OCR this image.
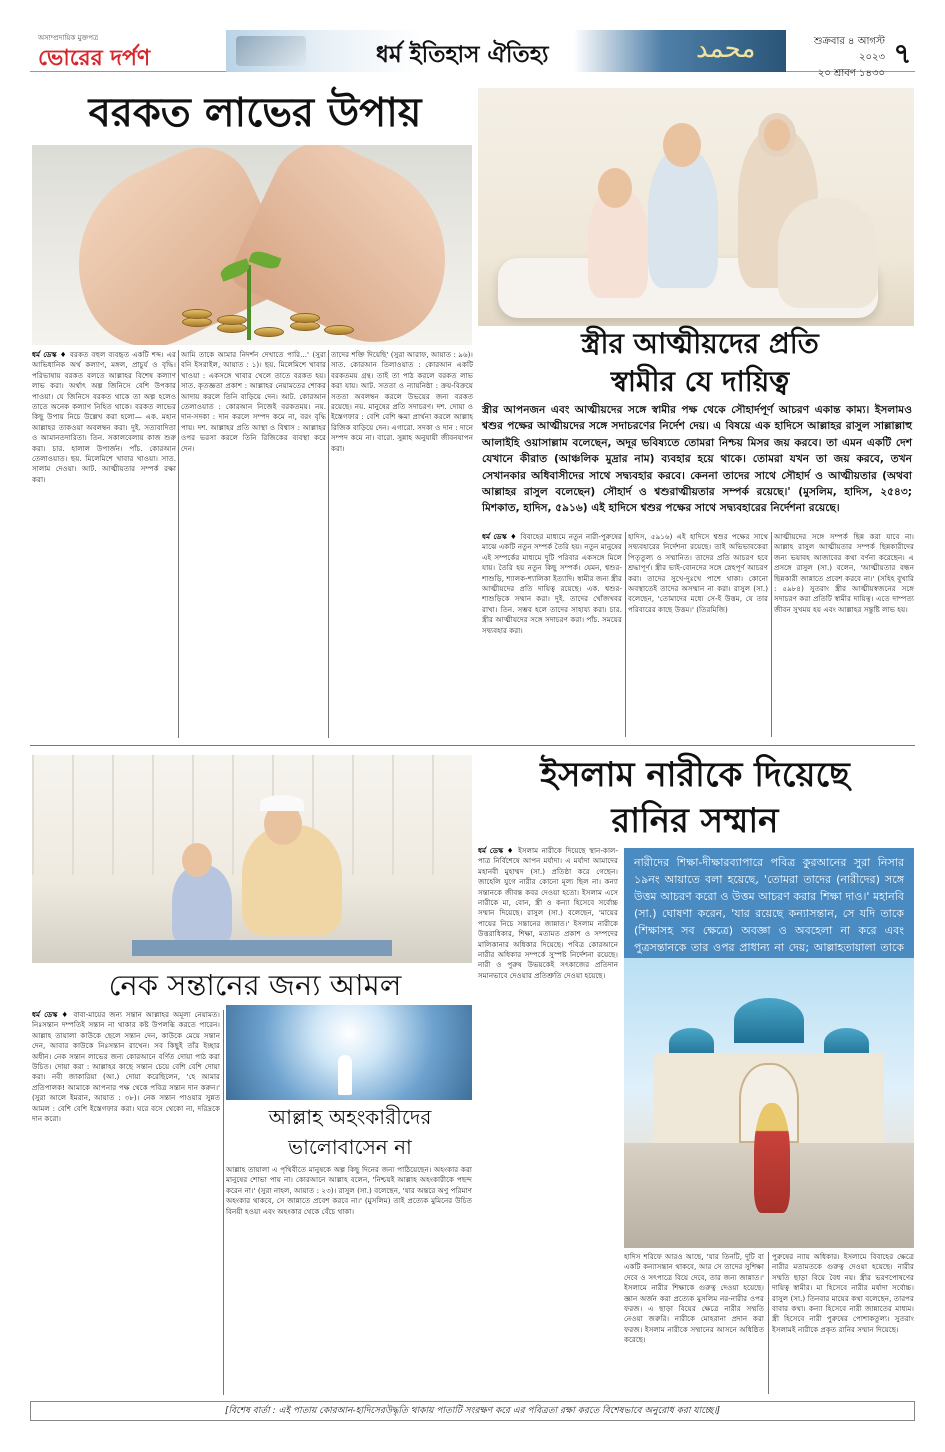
অসাম্প্রদায়িক মুক্তপত্র
ভোরের দর্পণ	ধর্ম ইতিহাস ঐতিহ্য	محمد	শুক্রবার ৪ আগস্ট ২০২৩
২০ শ্রাবণ ১৪৩০
৭
বরকত লাভের উপায়
ধর্ম ডেস্ক ♦ বরকত বহুল ব্যবহৃত একটি শব্দ। এর আভিধানিক অর্থ কল্যাণ, মঙ্গল, প্রাচুর্য ও বৃদ্ধি। পরিভাষায় বরকত বলতে আল্লাহর বিশেষ কল্যাণ লাভ করা। অর্থাৎ অল্প জিনিসে বেশি উপকার পাওয়া। যে জিনিসে বরকত থাকে তা অল্প হলেও তাতে অনেক কল্যাণ নিহিত থাকে। বরকত লাভের কিছু উপায় নিচে উল্লেখ করা হলো— এক. মহান আল্লাহর তাকওয়া অবলম্বন করা। দুই. সত্যবাদিতা ও আমানতদারিতা। তিন. সকালবেলায় কাজ শুরু করা। চার. হালাল উপার্জন। পাঁচ. কোরআন তেলাওয়াত। ছয়. মিলেমিশে খাবার খাওয়া। সাত. সালাম দেওয়া। আট. আত্মীয়তার সম্পর্ক রক্ষা করা।
আমি তাকে আমার নিদর্শন দেখাতে পারি...' (সুরা বনি ইসরাইল, আয়াত : ১)। ছয়. মিলেমিশে খাবার খাওয়া : একসঙ্গে খাবার খেলে তাতে বরকত হয়। সাত. কৃতজ্ঞতা প্রকাশ : আল্লাহর নেয়ামতের শোকর আদায় করলে তিনি বাড়িয়ে দেন। আট. কোরআন তেলাওয়াত : কোরআন নিজেই বরকতময়। নয়. দান-সদকা : দান করলে সম্পদ কমে না, বরং বৃদ্ধি পায়। দশ. আল্লাহর প্রতি আস্থা ও বিশ্বাস : আল্লাহর ওপর ভরসা করলে তিনি রিজিকের ব্যবস্থা করে দেন।
তাদের শক্তি দিয়েছি' (সুরা আরাফ, আয়াত : ৯৬)। সাত. কোরআন তিলাওয়াত : কোরআন একটি বরকতময় গ্রন্থ। তাই তা পাঠ করলে বরকত লাভ করা যায়। আট. সততা ও ন্যায়নিষ্ঠা : ক্রয়-বিক্রয়ে সততা অবলম্বন করলে উভয়ের জন্য বরকত রয়েছে। নয়. মানুষের প্রতি সদাচরণ। দশ. দোয়া ও ইস্তেগফার : বেশি বেশি ক্ষমা প্রার্থনা করলে আল্লাহ রিজিক বাড়িয়ে দেন। এগারো. সদকা ও দান : দানে সম্পদ কমে না। বারো. সুন্নাহ অনুযায়ী জীবনযাপন করা।
স্ত্রীর আত্মীয়দের প্রতি
স্বামীর যে দায়িত্ব
স্ত্রীর আপনজন এবং আত্মীয়দের সঙ্গে স্বামীর পক্ষ থেকে সৌহার্দপূর্ণ আচরণ একান্ত কাম্য। ইসলামও শ্বশুর পক্ষের আত্মীয়দের সঙ্গে সদাচরণের নির্দেশ দেয়। এ বিষয়ে এক হাদিসে আল্লাহর রাসুল সাল্লাল্লাহু আলাইহি ওয়াসাল্লাম বলেছেন, অদূর ভবিষ্যতে তোমরা নিশ্চয় মিসর জয় করবে। তা এমন একটি দেশ যেখানে কীরাত (আঞ্চলিক মুদ্রার নাম) ব্যবহার হয়ে থাকে। তোমরা যখন তা জয় করবে, তখন সেখানকার অধিবাসীদের সাথে সদ্ব্যবহার করবে। কেননা তাদের সাথে সৌহার্দ ও আত্মীয়তার (অথবা আল্লাহর রাসুল বলেছেন) সৌহার্দ ও শ্বশুরাত্মীয়তার সম্পর্ক রয়েছে।' (মুসলিম, হাদিস, ২৫৪৩; মিশকাত, হাদিস, ৫৯১৬) এই হাদিসে শ্বশুর পক্ষের সাথে সদ্ব্যবহারের নির্দেশনা রয়েছে।
ধর্ম ডেস্ক ♦ বিবাহের মাধ্যমে নতুন নারী-পুরুষের মাঝে একটি নতুন সম্পর্ক তৈরি হয়। নতুন মানুষের এই সম্পর্কের মাধ্যমে দুটি পরিবার একসঙ্গে মিলে যায়। তৈরি হয় নতুন কিছু সম্পর্ক। যেমন, শ্বশুর-শাশুড়ি, শ্যালক-শ্যালিকা ইত্যাদি। স্বামীর জন্য স্ত্রীর আত্মীয়দের প্রতি দায়িত্ব রয়েছে। এক. শ্বশুর-শাশুড়িকে সম্মান করা। দুই. তাদের খোঁজখবর রাখা। তিন. সম্ভব হলে তাদের সাহায্য করা। চার. স্ত্রীর আত্মীয়দের সঙ্গে সদাচরণ করা। পাঁচ. সময়ের সদ্ব্যবহার করা।
হাদিস, ৫৯১৬) এই হাদিসে শ্বশুর পক্ষের সাথে সদ্ব্যবহারের নির্দেশনা রয়েছে। তাই অভিভাবকেরা পিতৃতুল্য ও সম্মানিত। তাদের প্রতি আচরণ হবে শ্রদ্ধাপূর্ণ। স্ত্রীর ভাই-বোনদের সঙ্গে স্নেহপূর্ণ আচরণ করা। তাদের সুখে-দুঃখে পাশে থাকা। কোনো অবস্থাতেই তাদের অসম্মান না করা। রাসুল (সা.) বলেছেন, 'তোমাদের মধ্যে সে-ই উত্তম, যে তার পরিবারের কাছে উত্তম।' (তিরমিজি)
আত্মীয়দের সঙ্গে সম্পর্ক ছিন্ন করা যাবে না। আল্লাহ রাসুল আত্মীয়তার সম্পর্ক ছিন্নকারীদের জন্য ভয়াবহ আজাবের কথা বর্ণনা করেছেন। এ প্রসঙ্গে রাসুল (সা.) বলেন, 'আত্মীয়তার বন্ধন ছিন্নকারী জান্নাতে প্রবেশ করবে না।' (সহিহ বুখারি : ৫৯৮৪) সুতরাং স্ত্রীর আত্মীয়স্বজনের সঙ্গে সদাচরণ করা প্রতিটি স্বামীর দায়িত্ব। এতে দাম্পত্য জীবন সুখময় হয় এবং আল্লাহর সন্তুষ্টি লাভ হয়।
নেক সন্তানের জন্য আমল
ধর্ম ডেস্ক ♦ বাবা-মায়ের জন্য সন্তান আল্লাহর অমূল্য নেয়ামত। নিঃসন্তান দম্পতিই সন্তান না থাকার কষ্ট উপলব্ধি করতে পারেন। আল্লাহ তায়ালা কাউকে ছেলে সন্তান দেন, কাউকে মেয়ে সন্তান দেন, আবার কাউকে নিঃসন্তান রাখেন। সব কিছুই তাঁর ইচ্ছার অধীন। নেক সন্তান লাভের জন্য কোরআনে বর্ণিত দোয়া পাঠ করা উচিত। দোয়া করা : আল্লাহর কাছে সন্তান চেয়ে বেশি বেশি দোয়া করা। নবী জাকারিয়া (আ.) দোয়া করেছিলেন, 'হে আমার প্রতিপালক! আমাকে আপনার পক্ষ থেকে পবিত্র সন্তান দান করুন।' (সুরা আলে ইমরান, আয়াত : ৩৮)। নেক সন্তান পাওয়ার সুন্নত আমল : বেশি বেশি ইস্তেগফার করা। ঘরে বসে থেকো না, দরিদ্রকে দান করো।	আল্লাহ অহংকারীদের
ভালোবাসেন না
আল্লাহ তায়ালা এ পৃথিবীতে মানুষকে অল্প কিছু দিনের জন্য পাঠিয়েছেন। অহংকার করা মানুষের শোভা পায় না। কোরআনে আল্লাহ বলেন, 'নিশ্চয়ই আল্লাহ অহংকারীকে পছন্দ করেন না।' (সুরা নাহল, আয়াত : ২৩)। রাসুল (সা.) বলেছেন, 'যার অন্তরে অণু পরিমাণ অহংকার থাকবে, সে জান্নাতে প্রবেশ করবে না।' (মুসলিম) তাই প্রত্যেক মুমিনের উচিত বিনয়ী হওয়া এবং অহংকার থেকে বেঁচে থাকা।
ইসলাম নারীকে দিয়েছে
রানির সম্মান
ধর্ম ডেস্ক ♦ ইসলাম নারীকে দিয়েছে স্থান-কাল-পাত্র নির্বিশেষে আপন মর্যাদা। এ মর্যাদা আমাদের মহানবী মুহাম্মদ (সা.) প্রতিষ্ঠা করে গেছেন। জাহেলি যুগে নারীর কোনো মূল্য ছিল না। কন্যা সন্তানকে জীবন্ত কবর দেওয়া হতো। ইসলাম এসে নারীকে মা, বোন, স্ত্রী ও কন্যা হিসেবে সর্বোচ্চ সম্মান দিয়েছে। রাসুল (সা.) বলেছেন, 'মায়ের পায়ের নিচে সন্তানের জান্নাত।' ইসলাম নারীকে উত্তরাধিকার, শিক্ষা, মতামত প্রকাশ ও সম্পদের মালিকানার অধিকার দিয়েছে। পবিত্র কোরআনে নারীর অধিকার সম্পর্কে সুস্পষ্ট নির্দেশনা রয়েছে। নারী ও পুরুষ উভয়কেই সৎকাজের প্রতিদান সমানভাবে দেওয়ার প্রতিশ্রুতি দেওয়া হয়েছে।
নারীদের শিক্ষা-দীক্ষারব্যাপারে পবিত্র কুরআনের সুরা নিসার ১৯নং আয়াতে বলা হয়েছে, 'তোমরা তাদের (নারীদের) সঙ্গে উত্তম আচরণ করো ও উত্তম আচরণ করার শিক্ষা দাও।' মহানবি (সা.) ঘোষণা করেন, 'যার রয়েছে কন্যাসন্তান, সে যদি তাকে (শিক্ষাসহ সব ক্ষেত্রে) অবজ্ঞা ও অবহেলা না করে এবং পুত্রসন্তানকে তার ওপর প্রাধান্য না দেয়; আল্লাহতায়ালা তাকে
হাদিস শরিফে আরও আছে, 'যার তিনটি, দুটি বা একটি কন্যাসন্তান থাকবে, আর সে তাদের সুশিক্ষা দেবে ও সৎপাত্রে বিয়ে দেবে, তার জন্য জান্নাত।' ইসলামে নারীর শিক্ষাকে গুরুত্ব দেওয়া হয়েছে। জ্ঞান অর্জন করা প্রত্যেক মুসলিম নর-নারীর ওপর ফরজ। এ ছাড়া বিয়ের ক্ষেত্রে নারীর সম্মতি নেওয়া জরুরি। নারীকে মোহরানা প্রদান করা ফরজ। ইসলাম নারীকে সম্মানের আসনে অধিষ্ঠিত করেছে।
পুরুষের ন্যায় অধিকার। ইসলামে বিবাহের ক্ষেত্রে নারীর মতামতকে গুরুত্ব দেওয়া হয়েছে। নারীর সম্মতি ছাড়া বিয়ে বৈধ নয়। স্ত্রীর ভরণপোষণের দায়িত্ব স্বামীর। মা হিসেবে নারীর মর্যাদা সর্বোচ্চ। রাসুল (সা.) তিনবার মায়ের কথা বলেছেন, তারপর বাবার কথা। কন্যা হিসেবে নারী জান্নাতের মাধ্যম। স্ত্রী হিসেবে নারী পুরুষের পোশাকতুল্য। সুতরাং ইসলামই নারীকে প্রকৃত রানির সম্মান দিয়েছে।
[বিশেষ বার্তা : এই পাতায় কোরআন-হাদিসেরউদ্ধৃতি থাকায় পাতাটি সংরক্ষণ করে এর পবিত্রতা রক্ষা করতে বিশেষভাবে অনুরোধ করা যাচ্ছে।]
